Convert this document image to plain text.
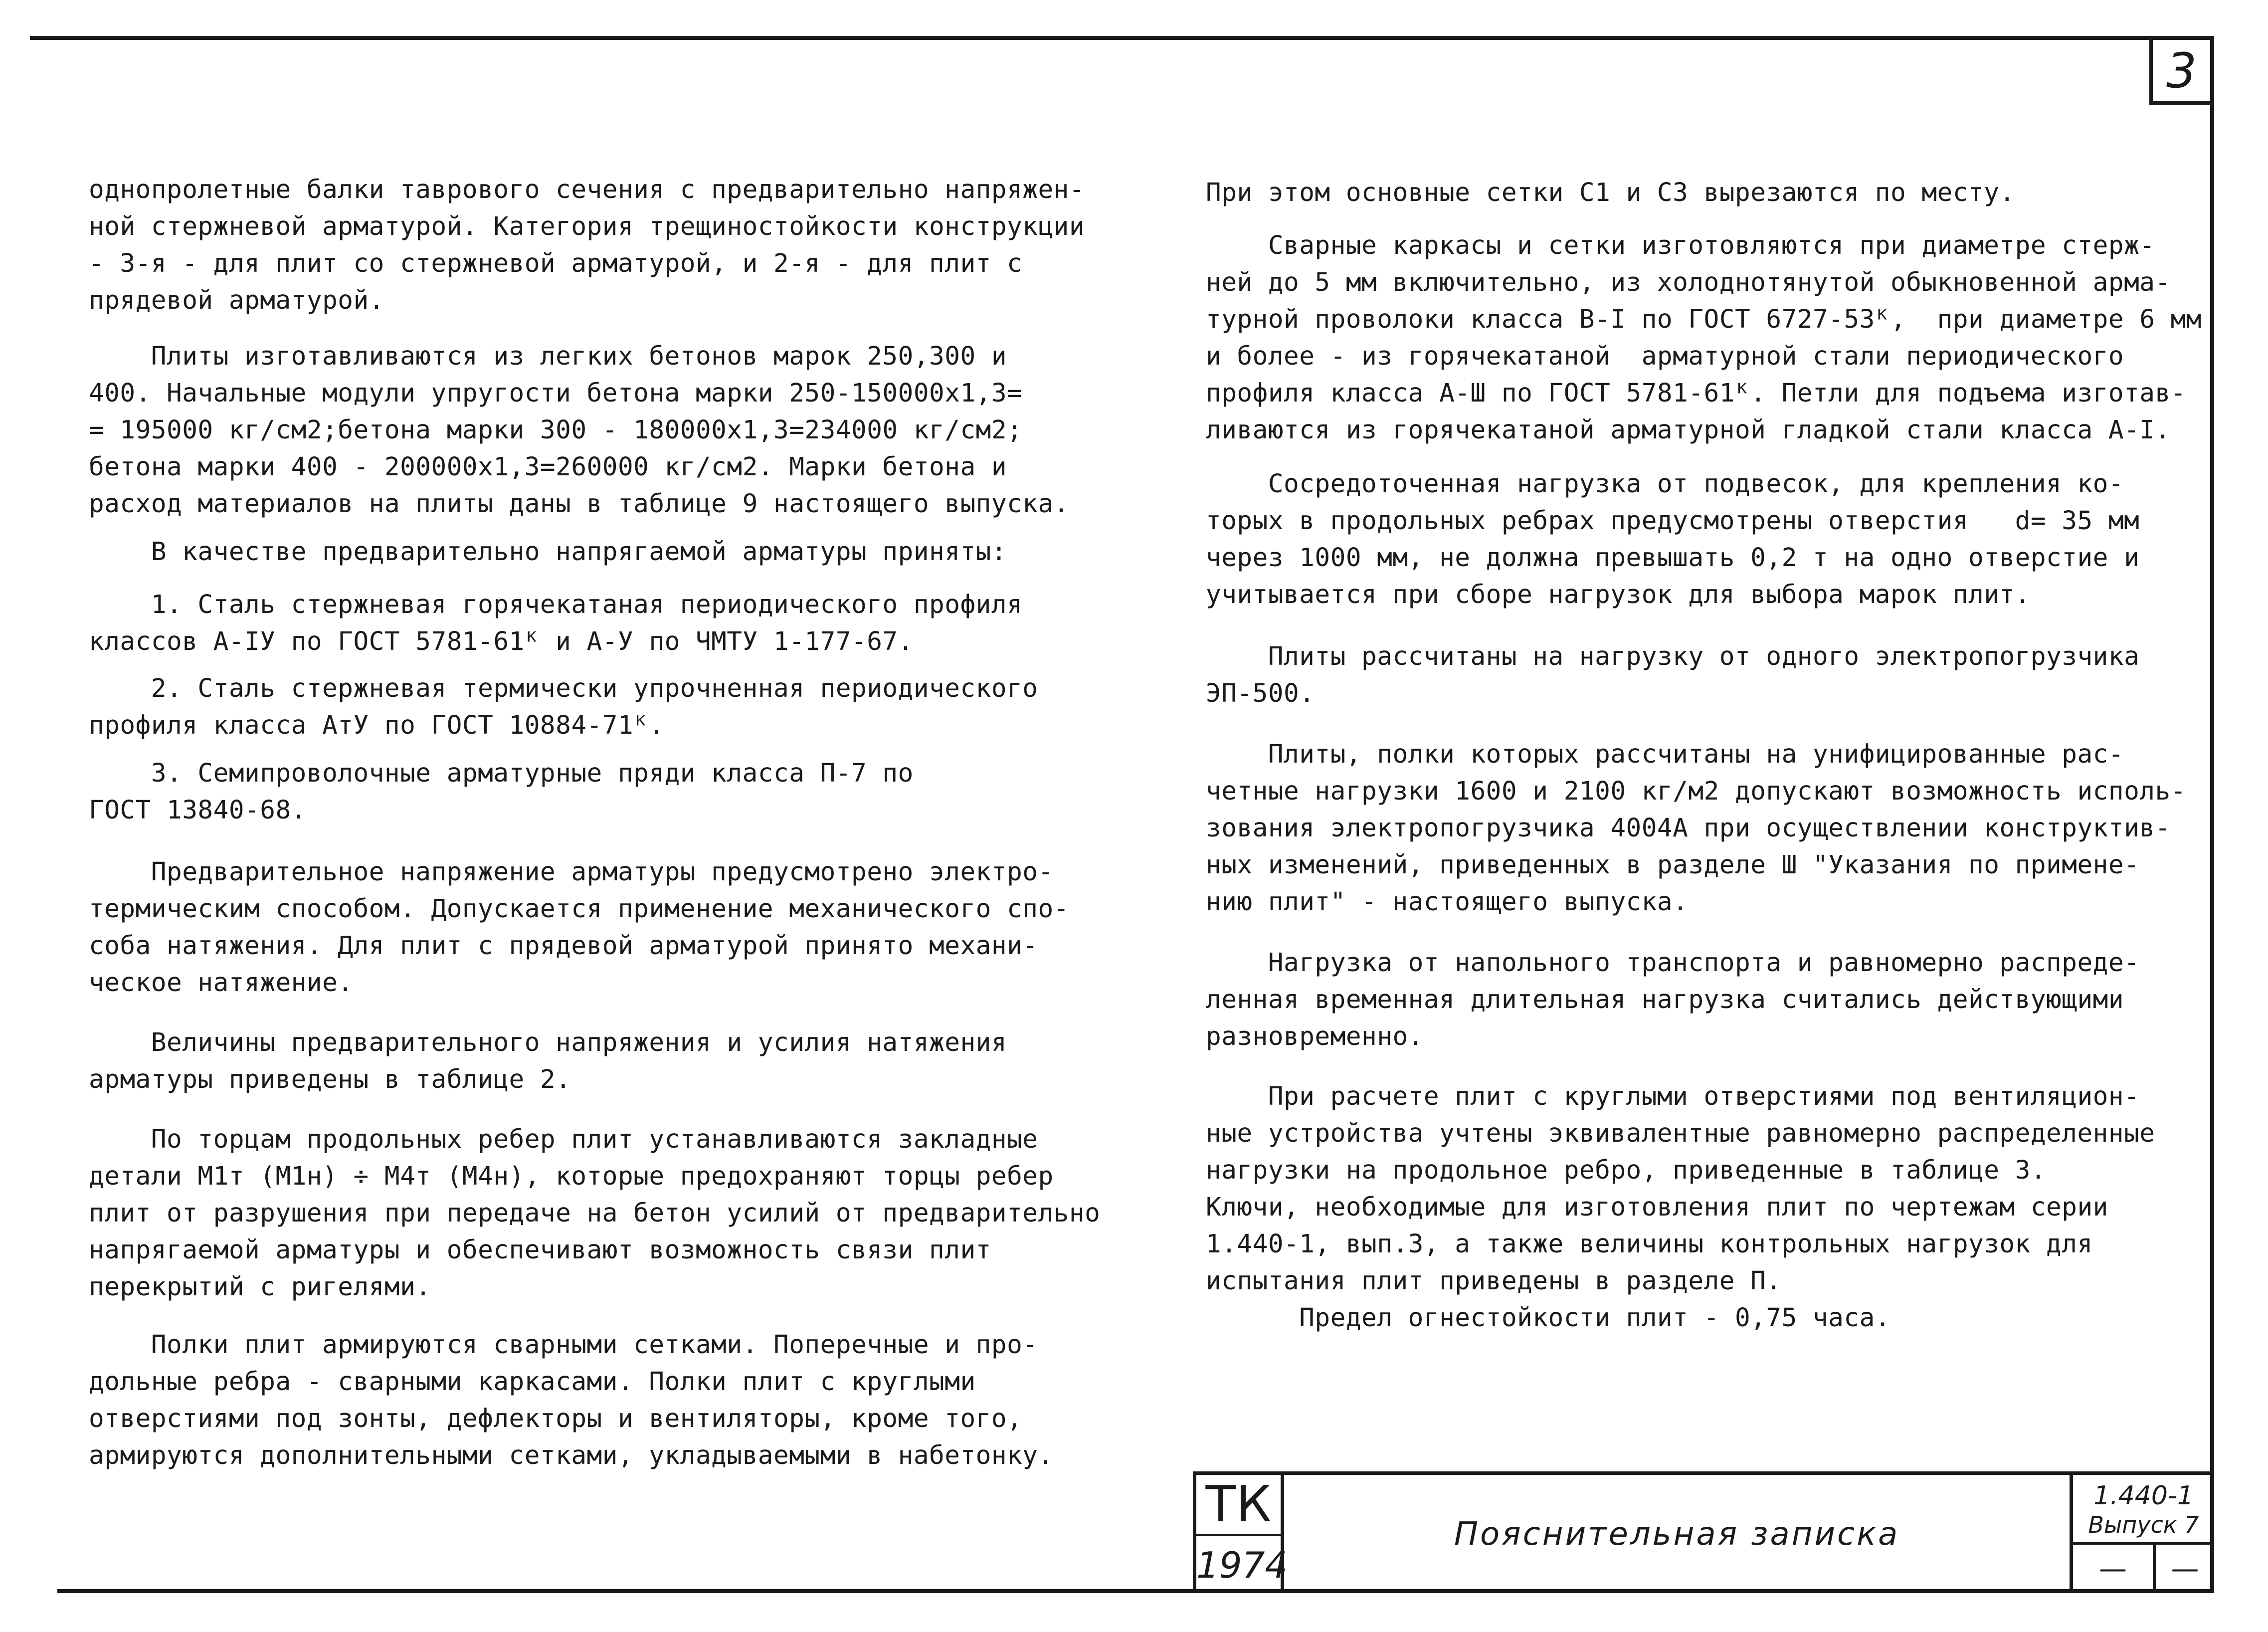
3

однопролетные балки таврового сечения с предварительно напряжен-
ной стержневой арматурой. Категория трещиностойкости конструкции
- 3-я - для плит со стержневой арматурой, и 2-я - для плит с
прядевой арматурой.

Плиты изготавливаются из легких бетонов марок 250,300 и
400. Начальные модули упругости бетона марки 250-150000х1,3=
= 195000 кг/см2;бетона марки 300 - 180000х1,3=234000 кг/см2;
бетона марки 400 - 200000х1,3=260000 кг/см2. Марки бетона и
расход материалов на плиты даны в таблице 9 настоящего выпуска.

В качестве предварительно напрягаемой арматуры приняты:

1. Сталь стержневая горячекатаная периодического профиля
классов А-IУ по ГОСТ 5781-61ᴷ и А-У по ЧМТУ 1-177-67.

2. Сталь стержневая термически упрочненная периодического
профиля класса АтУ по ГОСТ 10884-71ᴷ.

3. Семипроволочные арматурные пряди класса П-7 по
ГОСТ 13840-68.

Предварительное напряжение арматуры предусмотрено электро-
термическим способом. Допускается применение механического спо-
соба натяжения. Для плит с прядевой арматурой принято механи-
ческое натяжение.

Величины предварительного напряжения и усилия натяжения
арматуры приведены в таблице 2.

По торцам продольных ребер плит устанавливаются закладные
детали М1т (М1н) ÷ М4т (М4н), которые предохраняют торцы ребер
плит от разрушения при передаче на бетон усилий от предварительно
напрягаемой арматуры и обеспечивают возможность связи плит
перекрытий с ригелями.

Полки плит армируются сварными сетками. Поперечные и про-
дольные ребра - сварными каркасами. Полки плит с круглыми
отверстиями под зонты, дефлекторы и вентиляторы, кроме того,
армируются дополнительными сетками, укладываемыми в набетонку.

При этом основные сетки С1 и С3 вырезаются по месту.

Сварные каркасы и сетки изготовляются при диаметре стерж-
ней до 5 мм включительно, из холоднотянутой обыкновенной арма-
турной проволоки класса В-I по ГОСТ 6727-53ᴷ,  при диаметре 6 мм
и более - из горячекатаной  арматурной стали периодического
профиля класса А-Ш по ГОСТ 5781-61ᴷ. Петли для подъема изготав-
ливаются из горячекатаной арматурной гладкой стали класса А-I.

Сосредоточенная нагрузка от подвесок, для крепления ко-
торых в продольных ребрах предусмотрены отверстия   d= 35 мм
через 1000 мм, не должна превышать 0,2 т на одно отверстие и
учитывается при сборе нагрузок для выбора марок плит.

Плиты рассчитаны на нагрузку от одного электропогрузчика
ЭП-500.

Плиты, полки которых рассчитаны на унифицированные рас-
четные нагрузки 1600 и 2100 кг/м2 допускают возможность исполь-
зования электропогрузчика 4004А при осуществлении конструктив-
ных изменений, приведенных в разделе Ш "Указания по примене-
нию плит" - настоящего выпуска.

Нагрузка от напольного транспорта и равномерно распреде-
ленная временная длительная нагрузка считались действующими
разновременно.

При расчете плит с круглыми отверстиями под вентиляцион-
ные устройства учтены эквивалентные равномерно распределенные
нагрузки на продольное ребро, приведенные в таблице 3.
Ключи, необходимые для изготовления плит по чертежам серии
1.440-1, вып.3, а также величины контрольных нагрузок для
испытания плит приведены в разделе П.

Предел огнестойкости плит - 0,75 часа.

ТК
1974
Пояснительная записка
1.440-1
Выпуск 7
—	—
